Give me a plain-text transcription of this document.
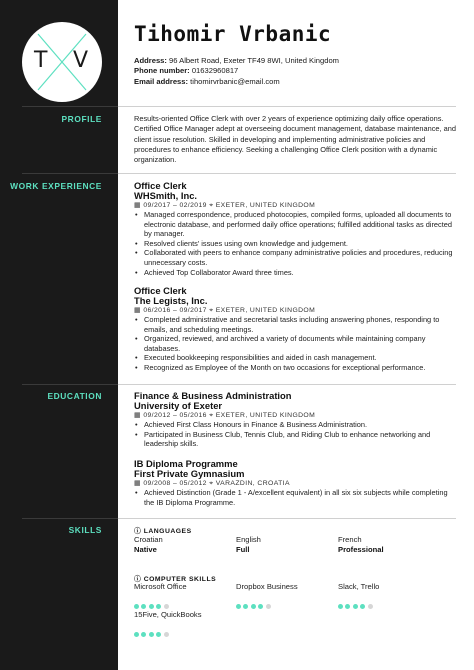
T V
Tihomir Vrbanic
Address: 96 Albert Road, Exeter TF49 8WI, United Kingdom
Phone number: 01632960817
Email address: tihomirvrbanic@email.com
PROFILE	Results-oriented Office Clerk with over 2 years of experience optimizing daily office operations. Certified Office Manager adept at overseeing document management, database maintenance, and client issue resolution. Skilled in developing and implementing administrative policies and procedures to enhance efficiency. Seeking a challenging Office Clerk position with a dynamic organization.
WORK EXPERIENCE	Office Clerk
WHSmith, Inc.
▦ 09/2017 – 02/2019 ⌖ EXETER, UNITED KINGDOM
• Managed correspondence, produced photocopies, compiled forms, uploaded all documents to electronic database, and performed daily office operations; fulfilled additional tasks as directed by manager.
• Resolved clients' issues using own knowledge and judgement.
• Collaborated with peers to enhance company administrative policies and procedures, reducing unnecessary costs.
• Achieved Top Collaborator Award three times.
Office Clerk
The Legists, Inc.
▦ 06/2016 – 09/2017 ⌖ EXETER, UNITED KINGDOM
• Completed administrative and secretarial tasks including answering phones, responding to emails, and scheduling meetings.
• Organized, reviewed, and archived a variety of documents while maintaining company databases.
• Executed bookkeeping responsibilities and aided in cash management.
• Recognized as Employee of the Month on two occasions for exceptional performance.
EDUCATION	Finance & Business Administration
University of Exeter
▦ 09/2012 – 05/2016 ⌖ EXETER, UNITED KINGDOM
• Achieved First Class Honours in Finance & Business Administration.
• Participated in Business Club, Tennis Club, and Riding Club to enhance networking and leadership skills.
IB Diploma Programme
First Private Gymnasium
▦ 09/2008 – 05/2012 ⌖ VARAZDIN, CROATIA
• Achieved Distinction (Grade 1 - A/excellent equivalent) in all six six subjects while completing the IB Diploma Programme.
SKILLS	ⓘ LANGUAGES
Croatian
Native
English
Full
French
Professional
ⓘ COMPUTER SKILLS
Microsoft Office	Dropbox Business	Slack, Trello
15Five, QuickBooks
